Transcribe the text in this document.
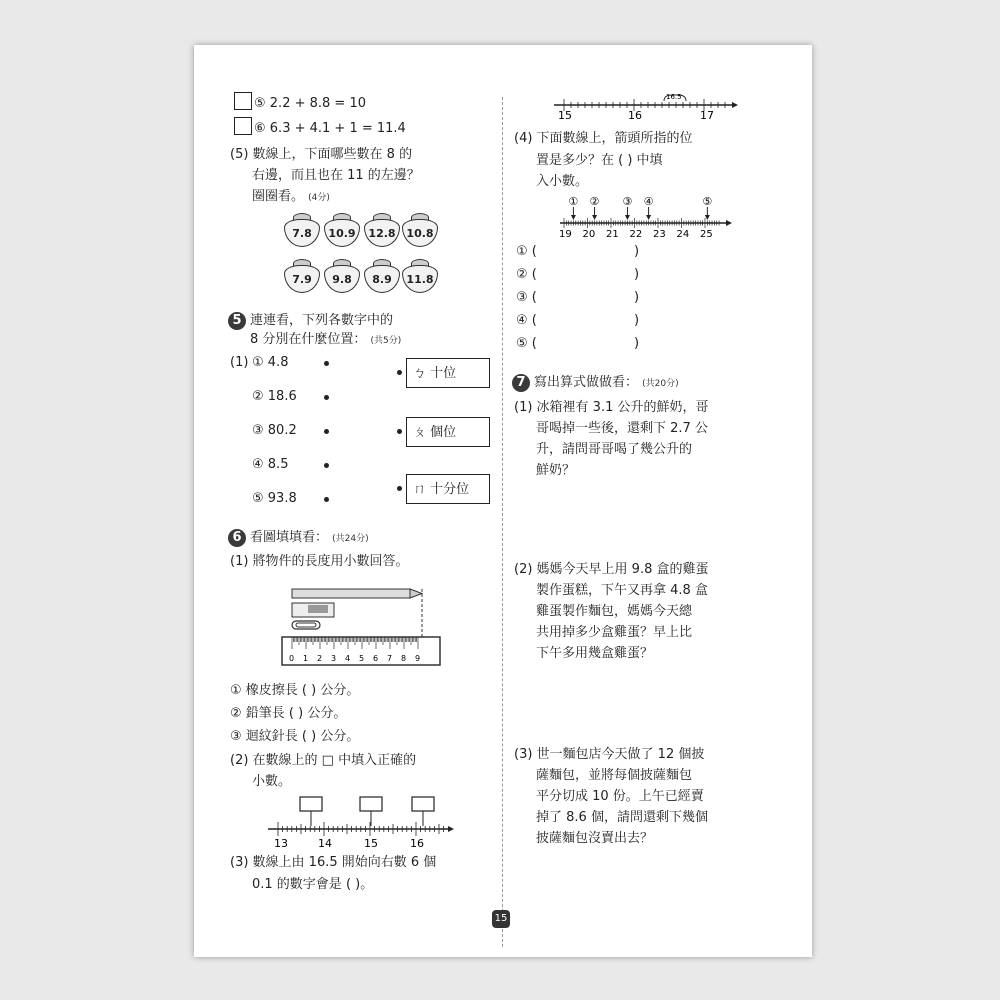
⑤ 2.2 + 8.8 = 10
⑥ 6.3 + 4.1 + 1 = 11.4
(5) 數線上，下面哪些數在 8 的
右邊，而且也在 11 的左邊？
圈圈看。 (4分)
7.8	10.9 12.8 10.8
7.9	9.8	8.9	11.8
5 連連看，下列各數字中的
8 分別在什麼位置： (共5分)
(1) ① 4.8
② 18.6
③ 80.2
④ 8.5
⑤ 93.8
ㄅ 十位
ㄆ 個位
ㄇ 十分位
6 看圖填填看： (共24分)
(1) 將物件的長度用小數回答。
0 1 2 3 4 5 6 7 8 9
① 橡皮擦長 ( ) 公分。
② 鉛筆長 ( ) 公分。
③ 迴紋針長 ( ) 公分。
(2) 在數線上的 □ 中填入正確的
小數。
13	14	15	16
(3) 數線上由 16.5 開始向右數 6 個
0.1 的數字會是 ( )。
16.5
15	16	17
(4) 下面數線上，箭頭所指的位
置是多少？在 ( ) 中填
入小數。
① ② ③ ④	⑤
19 20 21 22 23 24 25
① (
② (
③ (
④ (
⑤ (
)
)
)
)
)
7 寫出算式做做看： (共20分)
(1) 冰箱裡有 3.1 公升的鮮奶，哥
哥喝掉一些後，還剩下 2.7 公
升，請問哥哥喝了幾公升的
鮮奶？
(2) 媽媽今天早上用 9.8 盒的雞蛋
製作蛋糕，下午又再拿 4.8 盒
雞蛋製作麵包，媽媽今天總
共用掉多少盒雞蛋？早上比
下午多用幾盒雞蛋？
(3) 世一麵包店今天做了 12 個披
薩麵包，並將每個披薩麵包
平分切成 10 份。上午已經賣
掉了 8.6 個，請問還剩下幾個
披薩麵包沒賣出去？
15
